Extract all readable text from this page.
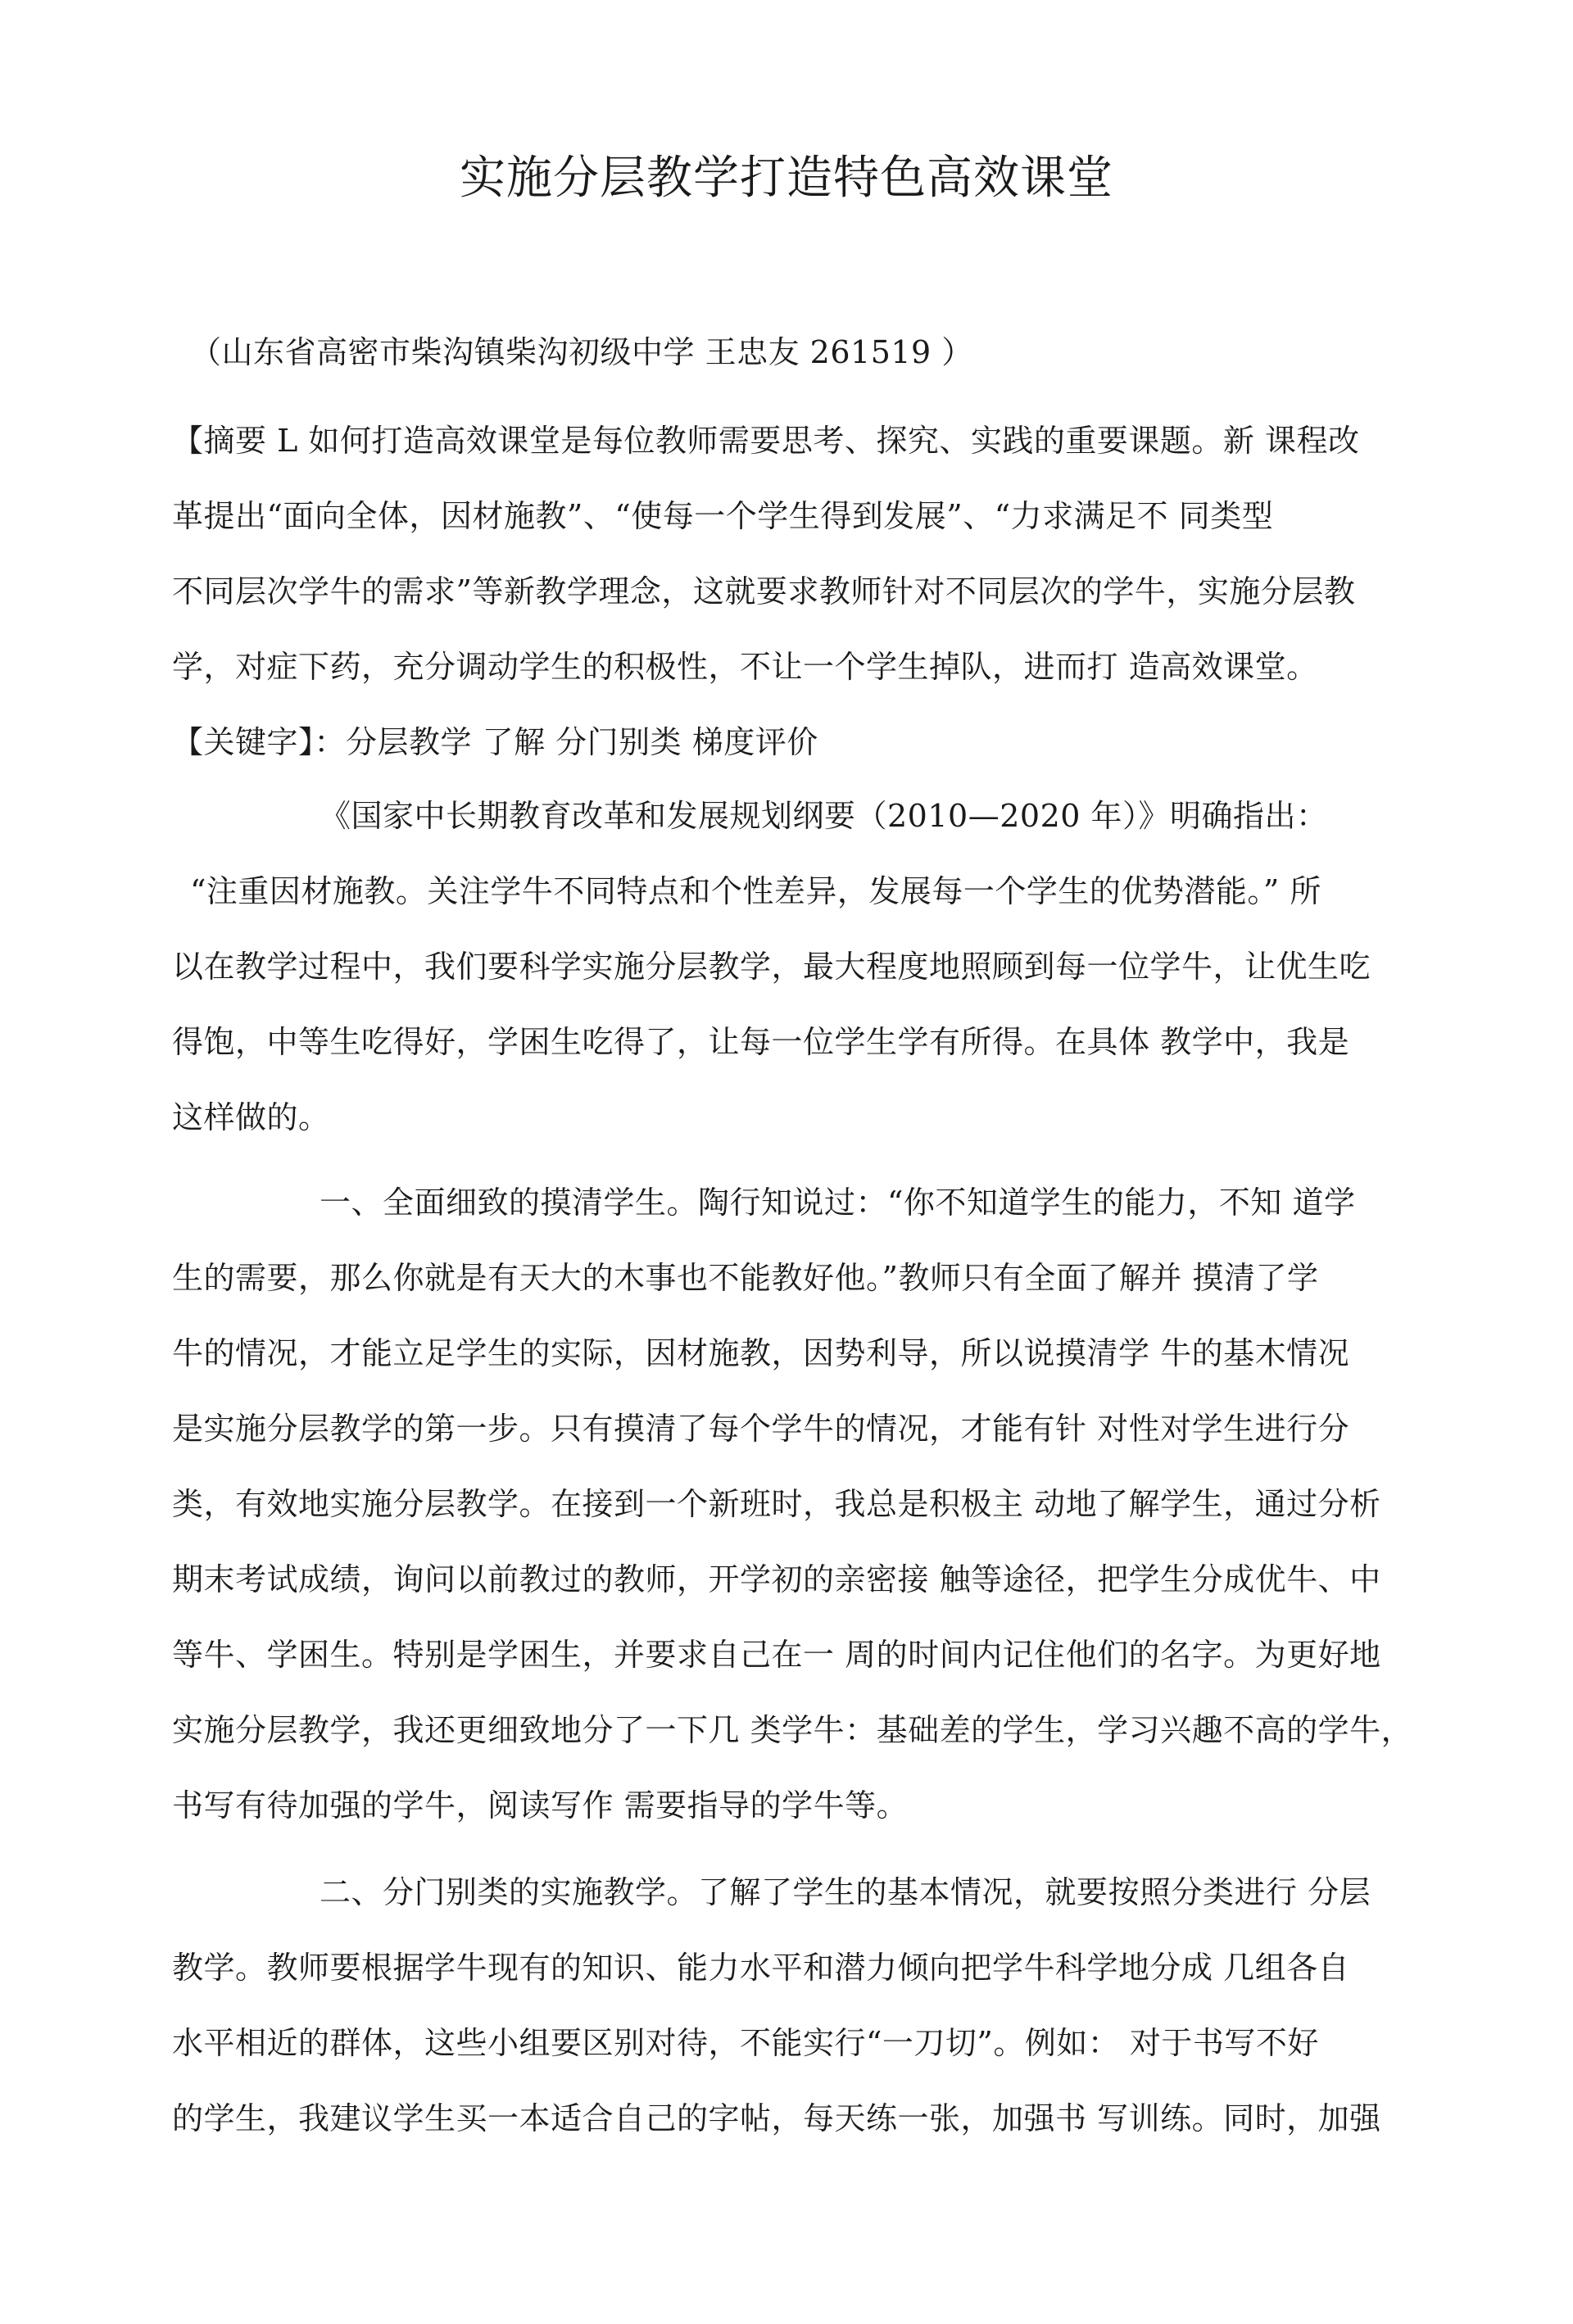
实施分层教学打造特色高效课堂

（山东省高密市柴沟镇柴沟初级中学 王忠友 261519 ）

【摘要 L 如何打造高效课堂是每位教师需要思考、探究、实践的重要课题。新 课程改

革提出“面向全体，因材施教”、“使每一个学生得到发展”、“力求满足不 同类型

不同层次学牛的需求”等新教学理念，这就要求教师针对不同层次的学牛，实施分层教

学，对症下药，充分调动学生的积极性，不让一个学生掉队，进而打 造高效课堂。

【关键字】：分层教学 了解 分门别类 梯度评价

《国家中长期教育改革和发展规划纲要（2010—2020 年）》明确指出：

“注重因材施教。关注学牛不同特点和个性差异，发展每一个学生的优势潜能。” 所

以在教学过程中，我们要科学实施分层教学，最大程度地照顾到每一位学牛，让优生吃

得饱，中等生吃得好，学困生吃得了，让每一位学生学有所得。在具体 教学中，我是

这样做的。

一、全面细致的摸清学生。陶行知说过：“你不知道学生的能力，不知 道学

生的需要，那么你就是有天大的木事也不能教好他。”教师只有全面了解并 摸清了学

牛的情况，才能立足学生的实际，因材施教，因势利导，所以说摸清学 牛的基木情况

是实施分层教学的第一步。只有摸清了每个学牛的情况，才能有针 对性对学生进行分

类，有效地实施分层教学。在接到一个新班时，我总是积极主 动地了解学生，通过分析

期末考试成绩，询问以前教过的教师，开学初的亲密接 触等途径，把学生分成优牛、中

等牛、学困生。特别是学困生，并要求自己在一 周的时间内记住他们的名字。为更好地

实施分层教学，我还更细致地分了一下几 类学牛：基础差的学生，学习兴趣不高的学牛，

书写有待加强的学牛，阅读写作 需要指导的学牛等。

二、分门别类的实施教学。了解了学生的基本情况，就要按照分类进行 分层

教学。教师要根据学牛现有的知识、能力水平和潜力倾向把学牛科学地分成 几组各自

水平相近的群体，这些小组要区别对待，不能实行“一刀切”。例如： 对于书写不好

的学生，我建议学生买一本适合自己的字帖，每天练一张，加强书 写训练。同时，加强
